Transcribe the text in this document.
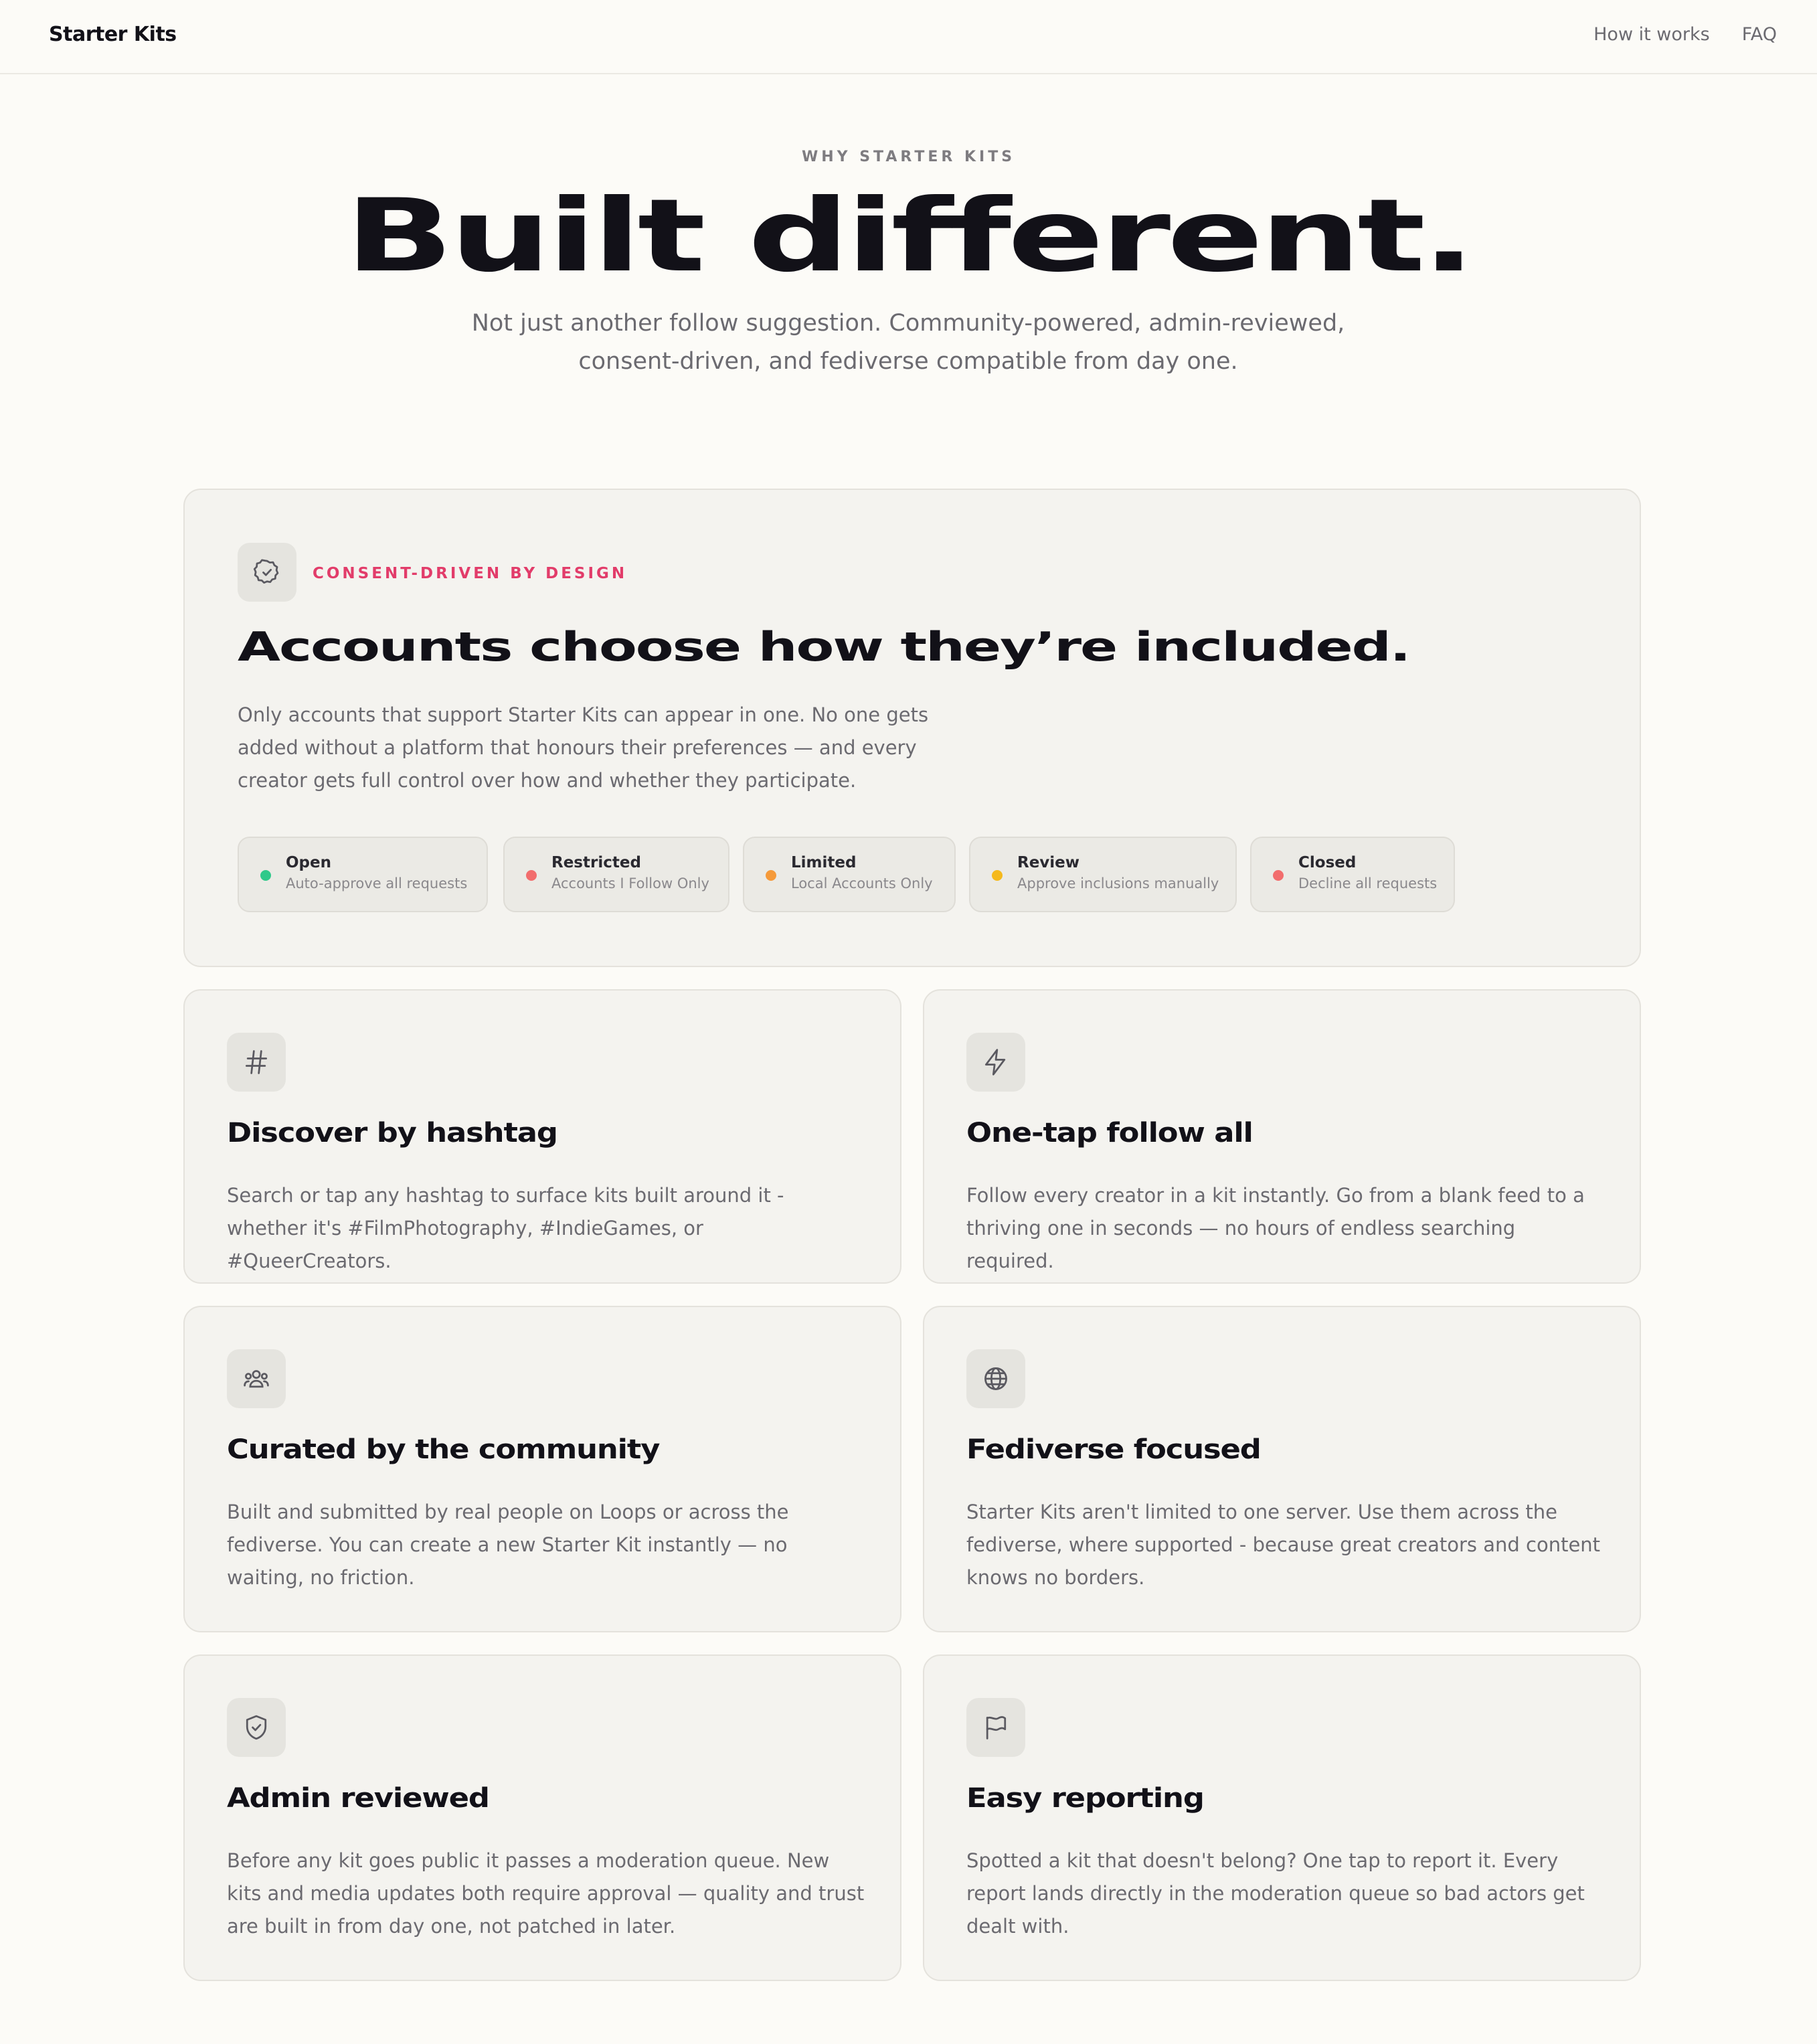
Starter Kits	How it works FAQ
WHY STARTER KITS
Built different.
Not just another follow suggestion. Community-powered, admin-reviewed, consent-driven, and fediverse compatible from day one.
CONSENT-DRIVEN BY DESIGN
Accounts choose how they’re included.
Only accounts that support Starter Kits can appear in one. No one gets added without a platform that honours their preferences — and every creator gets full control over how and whether they participate.
Open
Auto-approve all requests
Restricted
Accounts I Follow Only
Limited
Local Accounts Only
Review
Approve inclusions manually
Closed
Decline all requests
Discover by hashtag
Search or tap any hashtag to surface kits built around it - whether it's #FilmPhotography, #IndieGames, or #QueerCreators.
One-tap follow all
Follow every creator in a kit instantly. Go from a blank feed to a thriving one in seconds — no hours of endless searching required.
Curated by the community
Built and submitted by real people on Loops or across the fediverse. You can create a new Starter Kit instantly — no waiting, no friction.
Fediverse focused
Starter Kits aren't limited to one server. Use them across the fediverse, where supported - because great creators and content knows no borders.
Admin reviewed
Before any kit goes public it passes a moderation queue. New kits and media updates both require approval — quality and trust are built in from day one, not patched in later.
Easy reporting
Spotted a kit that doesn't belong? One tap to report it. Every report lands directly in the moderation queue so bad actors get dealt with.
